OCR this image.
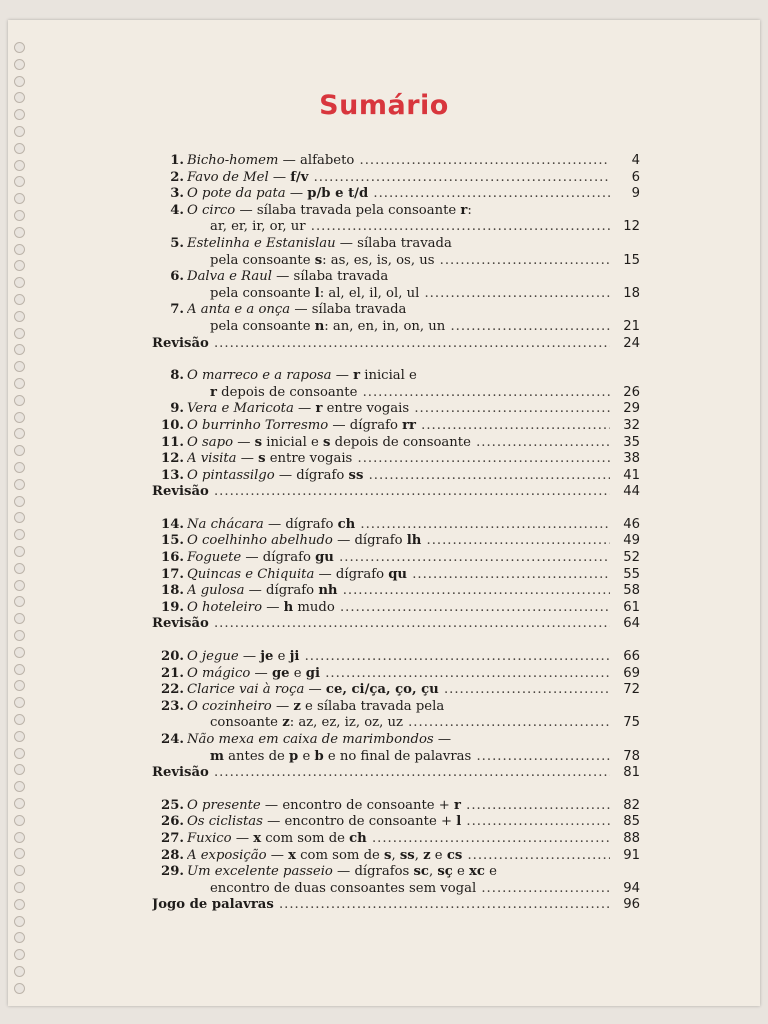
Sumário
1. Bicho-homem — alfabeto .....	4
2. Favo de Mel — f/v .....	6
3. O pote da pata — p/b e t/d .....	9
4. O circo — sílaba travada pela consoante r:
ar, er, ir, or, ur .....	12
5. Estelinha e Estanislau — sílaba travada
pela consoante s: as, es, is, os, us .....	15
6. Dalva e Raul — sílaba travada
pela consoante l: al, el, il, ol, ul .....	18
7. A anta e a onça — sílaba travada
pela consoante n: an, en, in, on, un .....	21
Revisão .....	24
8. O marreco e a raposa — r inicial e
r depois de consoante .....	26
9. Vera e Maricota — r entre vogais .....	29
10. O burrinho Torresmo — dígrafo rr .....	32
11. O sapo — s inicial e s depois de consoante .....	35
12. A visita — s entre vogais .....	38
13. O pintassilgo — dígrafo ss .....	41
Revisão .....	44
14. Na chácara — dígrafo ch .....	46
15. O coelhinho abelhudo — dígrafo lh .....	49
16. Foguete — dígrafo gu .....	52
17. Quincas e Chiquita — dígrafo qu .....	55
18. A gulosa — dígrafo nh .....	58
19. O hoteleiro — h mudo .....	61
Revisão .....	64
20. O jegue — je e ji .....	66
21. O mágico — ge e gi .....	69
22. Clarice vai à roça — ce, ci/ça, ço, çu .....	72
23. O cozinheiro — z e sílaba travada pela
consoante z: az, ez, iz, oz, uz .....	75
24. Não mexa em caixa de marimbondos —
m antes de p e b e no final de palavras .....	78
Revisão .....	81
25. O presente — encontro de consoante + r .....	82
26. Os ciclistas — encontro de consoante + l .....	85
27. Fuxico — x com som de ch .....	88
28. A exposição — x com som de s, ss, z e cs .....	91
29. Um excelente passeio — dígrafos sc, sç e xc e
encontro de duas consoantes sem vogal .....	94
Jogo de palavras .....	96
